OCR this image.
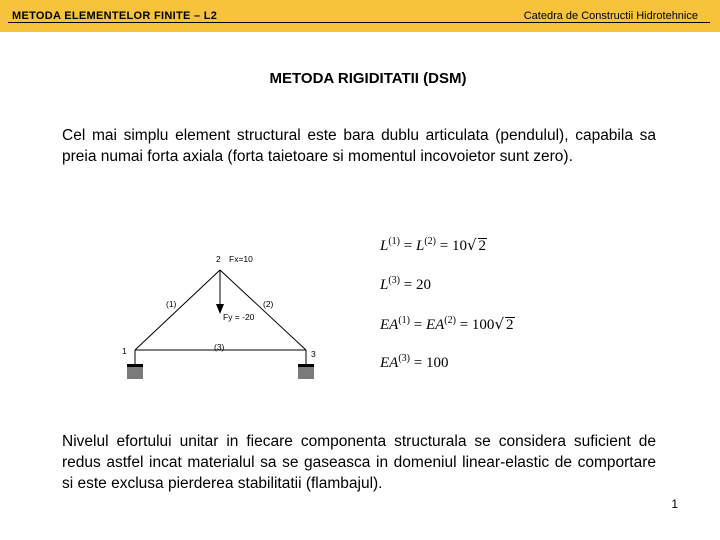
METODA ELEMENTELOR FINITE – L2	Catedra de Constructii Hidrotehnice
METODA RIGIDITATII (DSM)

Cel mai simplu element structural este bara dublu articulata (pendulul), capabila sa preia numai forta axiala (forta taietoare si momentul incovoietor sunt zero).

2 Fx=10
Fy = -20
(1)	(2)
(3)
1	3
$L^{(1)} = L^{(2)} = 10√$ 2
$L^{(3)} = 20$
$EA^{(1)} = EA^{(2)} = 100√$ 2
$EA^{(3)} = 100$

Nivelul efortului unitar in fiecare componenta structurala se considera suficient de redus astfel incat materialul sa se gaseasca in domeniul linear-elastic de comportare si este exclusa pierderea stabilitatii (flambajul).

1
